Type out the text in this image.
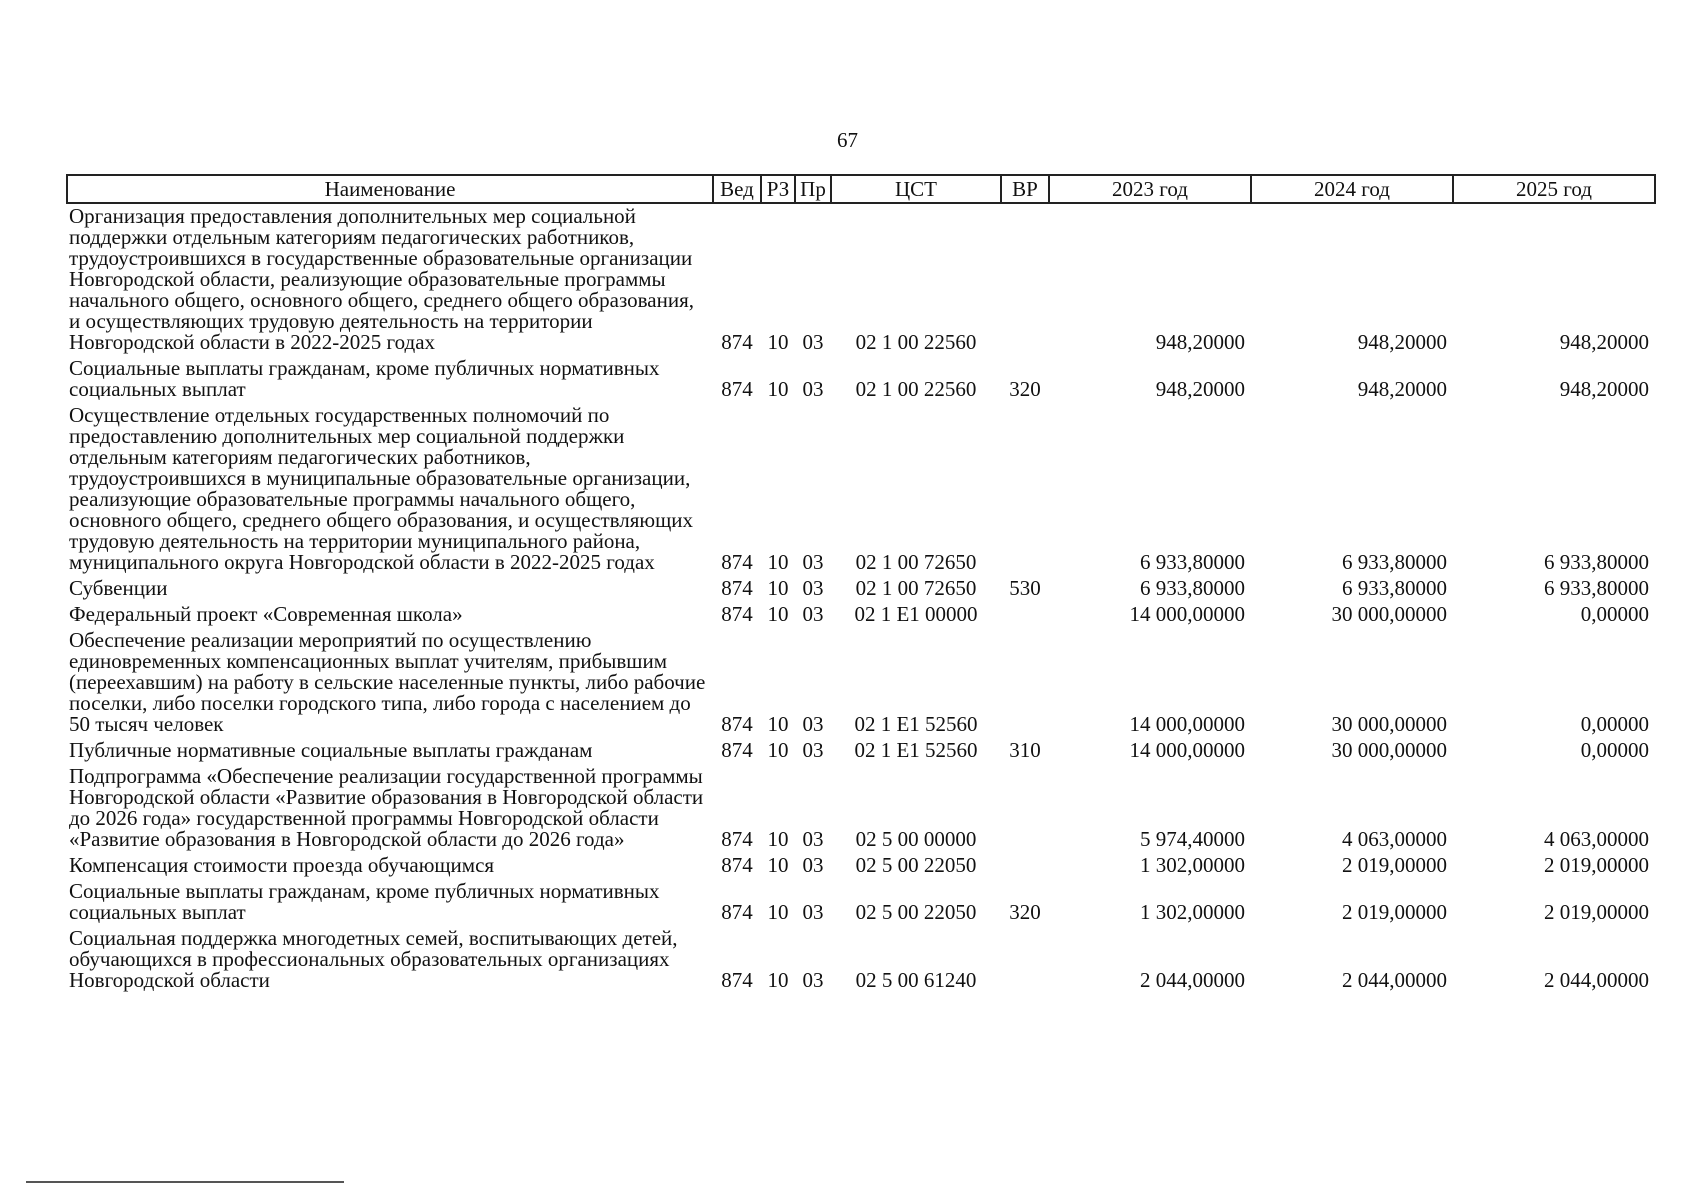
67
Наименование	Вед	РЗ	Пр	ЦСТ	ВР	2023 год	2024 год	2025 год
Организация предоставления дополнительных мер социальной поддержки отдельным категориям педагогических работников, трудоустроившихся в государственные образовательные организации Новгородской области, реализующие образовательные программы начального общего, основного общего, среднего общего образования, и осуществляющих трудовую деятельность на территории Новгородской области в 2022-2025 годах	874	10	03	02 1 00 22560		948,20000	948,20000	948,20000
Социальные выплаты гражданам, кроме публичных нормативных социальных выплат	874	10	03	02 1 00 22560	320	948,20000	948,20000	948,20000
Осуществление отдельных государственных полномочий по предоставлению дополнительных мер социальной поддержки отдельным категориям педагогических работников, трудоустроившихся в муниципальные образовательные организации, реализующие образовательные программы начального общего, основного общего, среднего общего образования, и осуществляющих трудовую деятельность на территории муниципального района, муниципального округа Новгородской области в 2022-2025 годах	874	10	03	02 1 00 72650		6 933,80000	6 933,80000	6 933,80000
Субвенции	874	10	03	02 1 00 72650	530	6 933,80000	6 933,80000	6 933,80000
Федеральный проект «Современная школа»	874	10	03	02 1 E1 00000		14 000,00000	30 000,00000	0,00000
Обеспечение реализации мероприятий по осуществлению единовременных компенсационных выплат учителям, прибывшим (переехавшим) на работу в сельские населенные пункты, либо рабочие поселки, либо поселки городского типа, либо города с населением до 50 тысяч человек	874	10	03	02 1 E1 52560		14 000,00000	30 000,00000	0,00000
Публичные нормативные социальные выплаты гражданам	874	10	03	02 1 E1 52560	310	14 000,00000	30 000,00000	0,00000
Подпрограмма «Обеспечение реализации государственной программы Новгородской области «Развитие образования в Новгородской области до 2026 года» государственной программы Новгородской области «Развитие образования в Новгородской области до 2026 года»	874	10	03	02 5 00 00000		5 974,40000	4 063,00000	4 063,00000
Компенсация стоимости проезда обучающимся	874	10	03	02 5 00 22050		1 302,00000	2 019,00000	2 019,00000
Социальные выплаты гражданам, кроме публичных нормативных социальных выплат	874	10	03	02 5 00 22050	320	1 302,00000	2 019,00000	2 019,00000
Социальная поддержка многодетных семей, воспитывающих детей, обучающихся в профессиональных образовательных организациях Новгородской области	874	10	03	02 5 00 61240		2 044,00000	2 044,00000	2 044,00000
